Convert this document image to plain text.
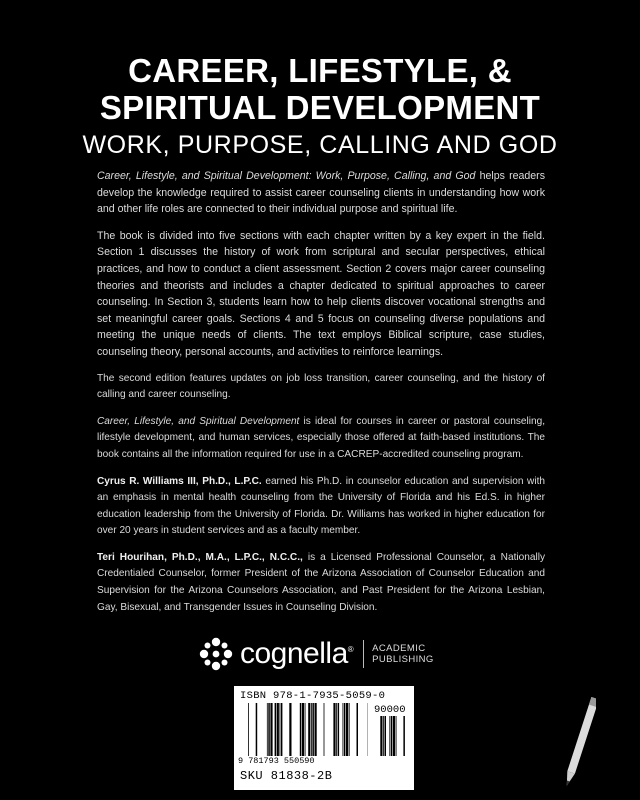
CAREER, LIFESTYLE, &
SPIRITUAL DEVELOPMENT
WORK, PURPOSE, CALLING AND GOD

Career, Lifestyle, and Spiritual Development: Work, Purpose, Calling, and God helps readers develop the knowledge required to assist career counseling clients in understanding how work and other life roles are connected to their individual purpose and spiritual life.

The book is divided into five sections with each chapter written by a key expert in the field. Section 1 discusses the history of work from scriptural and secular perspectives, ethical practices, and how to conduct a client assessment. Section 2 covers major career counseling theories and theorists and includes a chapter dedicated to spiritual approaches to career counseling. In Section 3, students learn how to help clients discover vocational strengths and set meaningful career goals. Sections 4 and 5 focus on counseling diverse populations and meeting the unique needs of clients. The text employs Biblical scripture, case studies, counseling theory, personal accounts, and activities to reinforce learnings.

The second edition features updates on job loss transition, career counseling, and the history of calling and career counseling.

Career, Lifestyle, and Spiritual Development is ideal for courses in career or pastoral counseling, lifestyle development, and human services, especially those offered at faith-based institutions. The book contains all the information required for use in a CACREP-accredited counseling program.

Cyrus R. Williams III, Ph.D., L.P.C. earned his Ph.D. in counselor education and supervision with an emphasis in mental health counseling from the University of Florida and his Ed.S. in higher education leadership from the University of Florida. Dr. Williams has worked in higher education for over 20 years in student services and as a faculty member.

Teri Hourihan, Ph.D., M.A., L.P.C., N.C.C., is a Licensed Professional Counselor, a Nationally Credentialed Counselor, former President of the Arizona Association of Counselor Education and Supervision for the Arizona Counselors Association, and Past President for the Arizona Lesbian, Gay, Bisexual, and Transgender Issues in Counseling Division.

cognella® ACADEMIC
PUBLISHING
ISBN 978-1-7935-5059-0
90000
9 781793 550590
SKU 81838-2B
